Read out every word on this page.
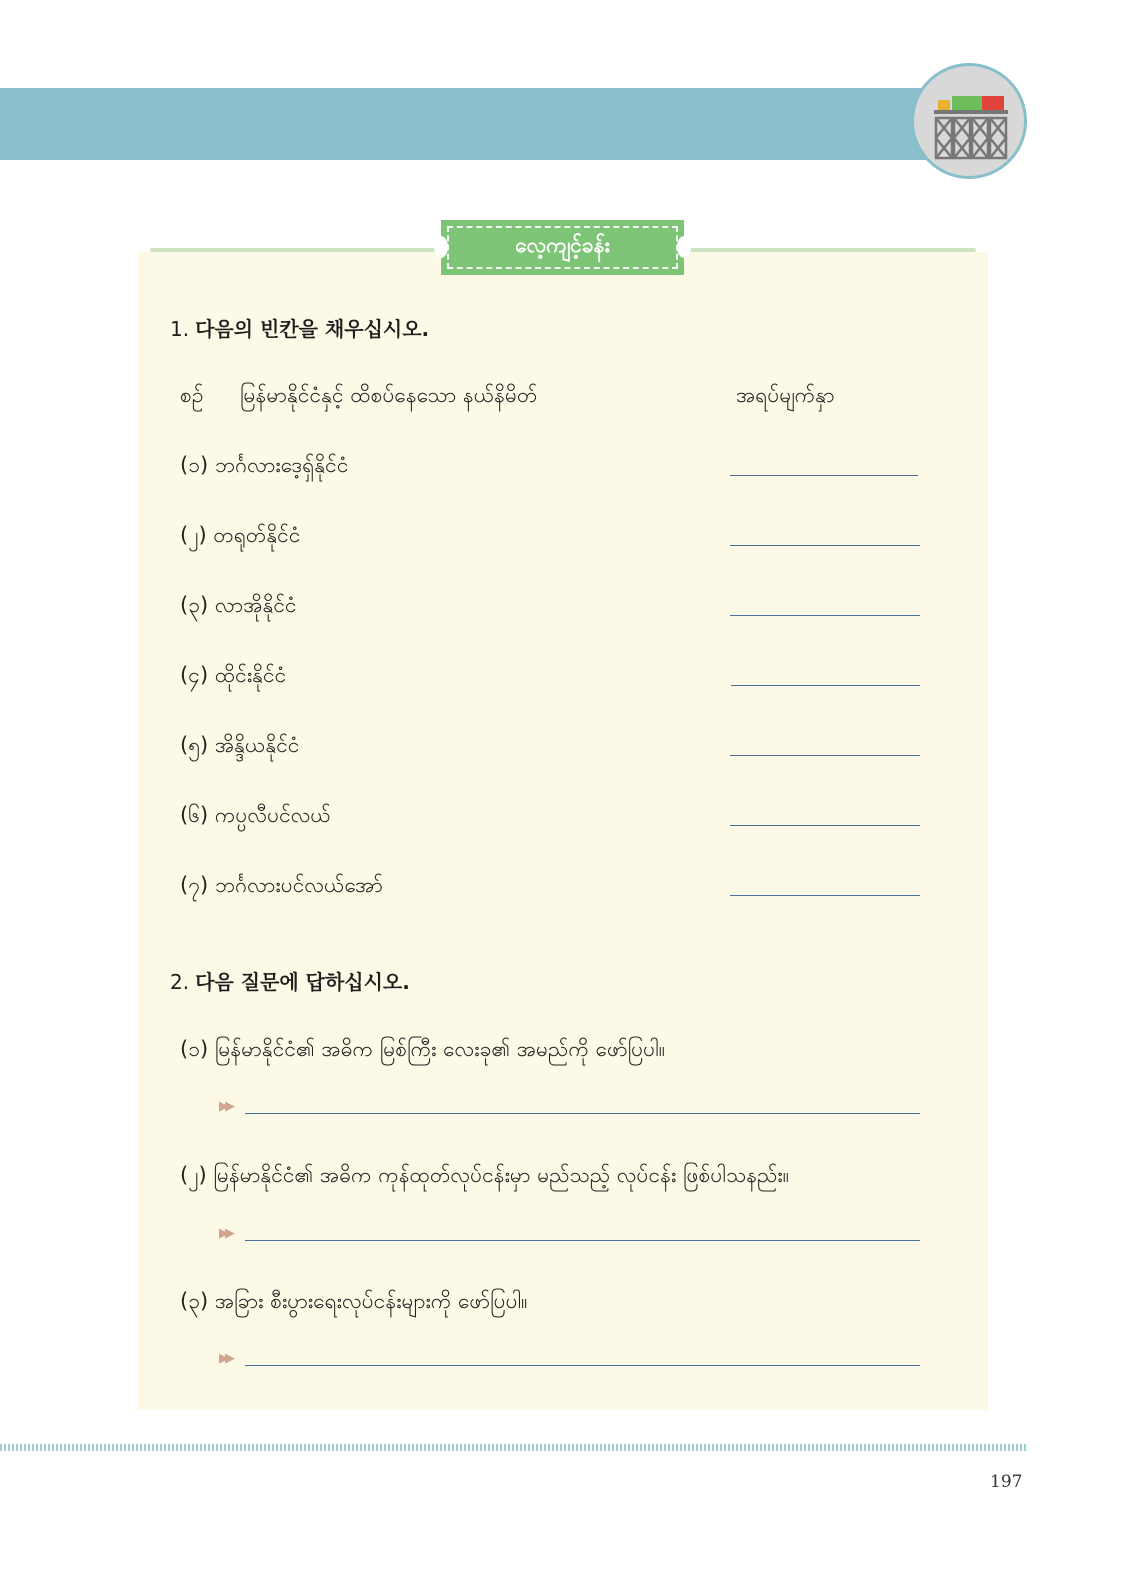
လေ့ကျင့်ခန်း
1. 다음의 빈칸을 채우십시오.
စဉ် မြန်မာနိုင်ငံနှင့် ထိစပ်နေသော နယ်နိမိတ်	အရပ်မျက်နှာ
(၁) ဘင်္ဂလားဒေ့ရှ်နိုင်ငံ
(၂) တရုတ်နိုင်ငံ
(၃) လာအိုနိုင်ငံ
(၄) ထိုင်းနိုင်ငံ
(၅) အိန္ဒိယနိုင်ငံ
(၆) ကပ္ပလီပင်လယ်
(၇) ဘင်္ဂလားပင်လယ်အော်
2. 다음 질문에 답하십시오.
(၁) မြန်မာနိုင်ငံ၏ အဓိက မြစ်ကြီး လေးခု၏ အမည်ကို ဖော်ပြပါ။
▶▶
(၂) မြန်မာနိုင်ငံ၏ အဓိက ကုန်ထုတ်လုပ်ငန်းမှာ မည်သည့် လုပ်ငန်း ဖြစ်ပါသနည်း။
▶▶
(၃) အခြား စီးပွားရေးလုပ်ငန်းများကို ဖော်ပြပါ။
▶▶
197
